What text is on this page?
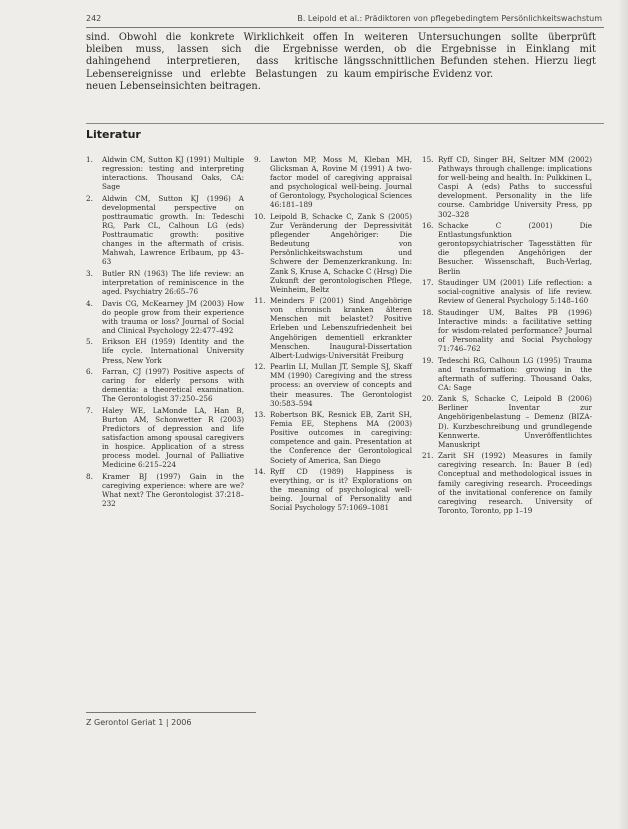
242	B. Leipold et al.: Prädiktoren von pflegebedingtem Persönlichkeitswachstum
sind. Obwohl die konkrete Wirklichkeit offen bleiben muss, lassen sich die Ergebnisse dahingehend interpretieren, dass kritische Lebensereignisse und erlebte Belastungen zu neuen Lebenseinsichten beitragen.
In weiteren Untersuchungen sollte überprüft werden, ob die Ergebnisse in Einklang mit längsschnittlichen Befunden stehen. Hierzu liegt kaum empirische Evidenz vor.
Literatur
1.	Aldwin CM, Sutton KJ (1991) Multiple regression: testing and interpreting interactions. Thousand Oaks, CA: Sage
2.	Aldwin CM, Sutton KJ (1996) A developmental perspective on posttraumatic growth. In: Tedeschi RG, Park CL, Calhoun LG (eds) Posttraumatic growth: positive changes in the aftermath of crisis. Mahwah, Lawrence Erlbaum, pp 43–63
3.	Butler RN (1963) The life review: an interpretation of reminiscence in the aged. Psychiatry 26:65–76
4.	Davis CG, McKearney JM (2003) How do people grow from their experience with trauma or loss? Journal of Social and Clinical Psychology 22:477–492
5.	Erikson EH (1959) Identity and the life cycle. International University Press, New York
6.	Farran, CJ (1997) Positive aspects of caring for elderly persons with dementia: a theoretical examination. The Gerontologist 37:250–256
7.	Haley WE, LaMonde LA, Han B, Burton AM, Schonwetter R (2003) Predictors of depression and life satisfaction among spousal caregivers in hospice. Application of a stress process model. Journal of Palliative Medicine 6:215–224
8.	Kramer BJ (1997) Gain in the caregiving experience: where are we? What next? The Gerontologist 37:218–232
9.	Lawton MP, Moss M, Kleban MH, Glicksman A, Rovine M (1991) A two-factor model of caregiving appraisal and psychological well-being. Journal of Gerontology, Psychological Sciences 46:181–189
10. Leipold B, Schacke C, Zank S (2005) Zur Veränderung der Depressivität pflegender Angehöriger: Die Bedeutung von Persönlichkeitswachstum und Schwere der Demenzerkrankung. In: Zank S, Kruse A, Schacke C (Hrsg) Die Zukunft der gerontologischen Pflege, Weinheim, Beltz
11. Meinders F (2001) Sind Angehörige von chronisch kranken älteren Menschen mit belastet? Positive Erleben und Lebenszufriedenheit bei Angehörigen dementiell erkrankter Menschen. Inaugural-Dissertation Albert-Ludwigs-Universität Freiburg
12. Pearlin LI, Mullan JT, Semple SJ, Skaff MM (1990) Caregiving and the stress process: an overview of concepts and their measures. The Gerontologist 30:583–594
13. Robertson BK, Resnick EB, Zarit SH, Femia EE, Stephens MA (2003) Positive outcomes in caregiving: competence and gain. Presentation at the Conference der Gerontological Society of America, San Diego
14. Ryff CD (1989) Happiness is everything, or is it? Explorations on the meaning of psychological well-being. Journal of Personality and Social Psychology 57:1069–1081
15. Ryff CD, Singer BH, Seltzer MM (2002) Pathways through challenge: implications for well-being and health. In: Pulkkinen L, Caspi A (eds) Paths to successful development. Personality in the life course. Cambridge University Press, pp 302–328
16. Schacke C (2001) Die Entlastungsfunktion gerontopsychiatrischer Tagesstätten für die pflegenden Angehörigen der Besucher. Wissenschaft, Buch-Verlag, Berlin
17. Staudinger UM (2001) Life reflection: a social-cognitive analysis of life review. Review of General Psychology 5:148–160
18. Staudinger UM, Baltes PB (1996) Interactive minds: a facilitative setting for wisdom-related performance? Journal of Personality and Social Psychology 71:746–762
19. Tedeschi RG, Calhoun LG (1995) Trauma and transformation: growing in the aftermath of suffering. Thousand Oaks, CA: Sage
20. Zank S, Schacke C, Leipold B (2006) Berliner Inventar zur Angehörigenbelastung – Demenz (BIZA-D). Kurzbeschreibung und grundlegende Kennwerte. Unveröffentlichtes Manuskript
21. Zarit SH (1992) Measures in family caregiving research. In: Bauer B (ed) Conceptual and methodological issues in family caregiving research. Proceedings of the invitational conference on family caregiving research. University of Toronto, Toronto, pp 1–19
Z Gerontol Geriat 1 | 2006
